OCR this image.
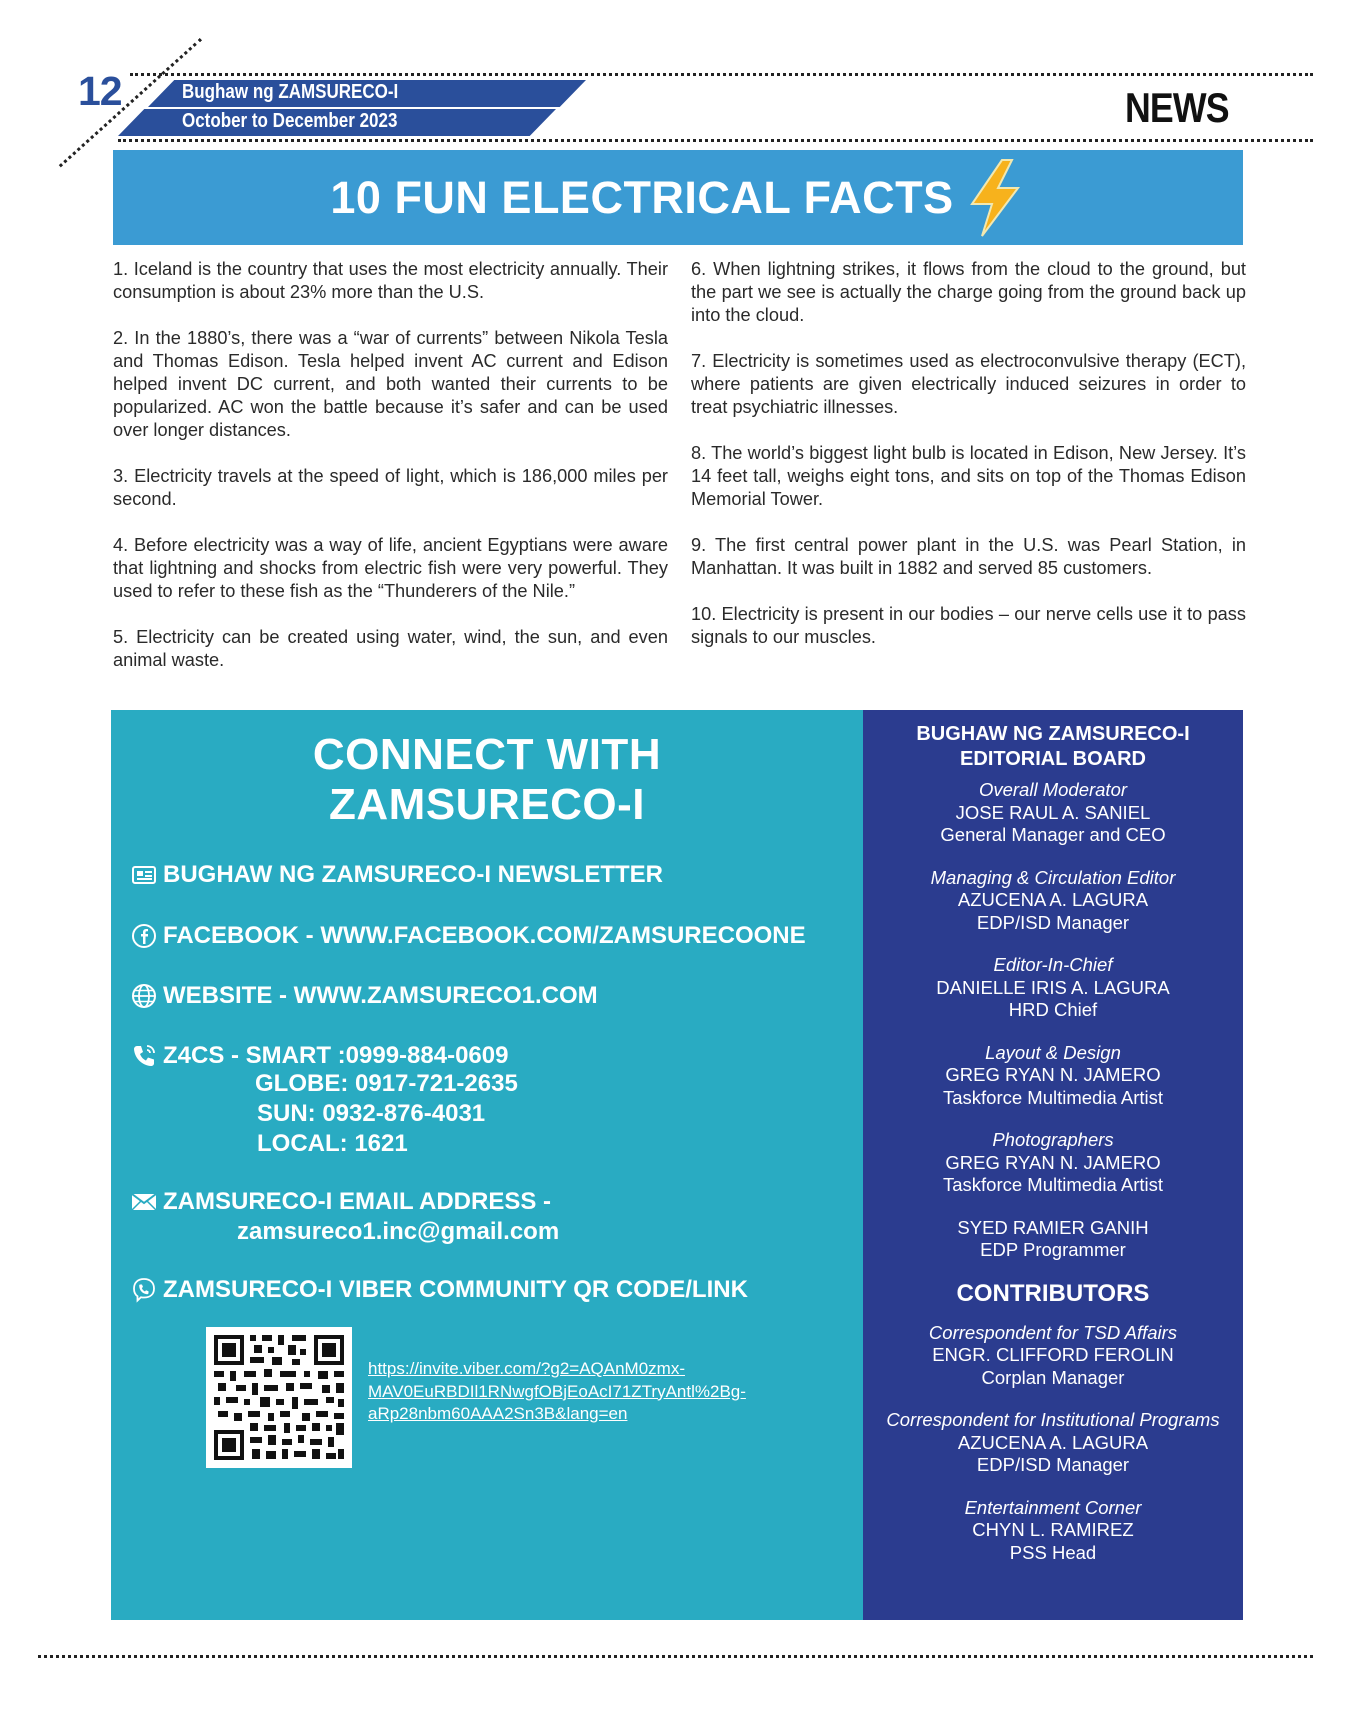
12	Bughaw ng ZAMSURECO-I
October to December 2023	NEWS
10 FUN ELECTRICAL FACTS

1. Iceland is the country that uses the most electricity annually. Their consumption is about 23% more than the U.S.

2. In the 1880’s, there was a “war of currents” between Nikola Tesla and Thomas Edison. Tesla helped invent AC current and Edison helped invent DC current, and both wanted their currents to be popularized. AC won the battle because it’s safer and can be used over longer distances.

3. Electricity travels at the speed of light, which is 186,000 miles per second.

4. Before electricity was a way of life, ancient Egyptians were aware that lightning and shocks from electric fish were very powerful. They used to refer to these fish as the “Thunderers of the Nile.”

5. Electricity can be created using water, wind, the sun, and even animal waste.

6. When lightning strikes, it flows from the cloud to the ground, but the part we see is actually the charge going from the ground back up into the cloud.

7. Electricity is sometimes used as electroconvulsive therapy (ECT), where patients are given electrically induced seizures in order to treat psychiatric illnesses.

8. The world’s biggest light bulb is located in Edison, New Jersey. It’s 14 feet tall, weighs eight tons, and sits on top of the Thomas Edison Memorial Tower.

9. The first central power plant in the U.S. was Pearl Station, in Manhattan. It was built in 1882 and served 85 customers.

10. Electricity is present in our bodies – our nerve cells use it to pass signals to our muscles.

CONNECT WITH
ZAMSURECO-I
BUGHAW NG ZAMSURECO-I NEWSLETTER
FACEBOOK - WWW.FACEBOOK.COM/ZAMSURECOONE
WEBSITE - WWW.ZAMSURECO1.COM
Z4CS - SMART :0999-884-0609
GLOBE: 0917-721-2635
SUN: 0932-876-4031
LOCAL: 1621
ZAMSURECO-I EMAIL ADDRESS -
zamsureco1.inc@gmail.com
ZAMSURECO-I VIBER COMMUNITY QR CODE/LINK
https://invite.viber.com/?g2=AQAnM0zmx-MAV0EuRBDIl1RNwgfOBjEoAcI71ZTryAntl%2Bg-aRp28nbm60AAA2Sn3B&lang=en
BUGHAW NG ZAMSURECO-I
EDITORIAL BOARD
Overall Moderator
JOSE RAUL A. SANIEL
General Manager and CEO
Managing & Circulation Editor
AZUCENA A. LAGURA
EDP/ISD Manager
Editor-In-Chief
DANIELLE IRIS A. LAGURA
HRD Chief
Layout & Design
GREG RYAN N. JAMERO
Taskforce Multimedia Artist
Photographers
GREG RYAN N. JAMERO
Taskforce Multimedia Artist
SYED RAMIER GANIH
EDP Programmer
CONTRIBUTORS
Correspondent for TSD Affairs
ENGR. CLIFFORD FEROLIN
Corplan Manager
Correspondent for Institutional Programs
AZUCENA A. LAGURA
EDP/ISD Manager
Entertainment Corner
CHYN L. RAMIREZ
PSS Head
